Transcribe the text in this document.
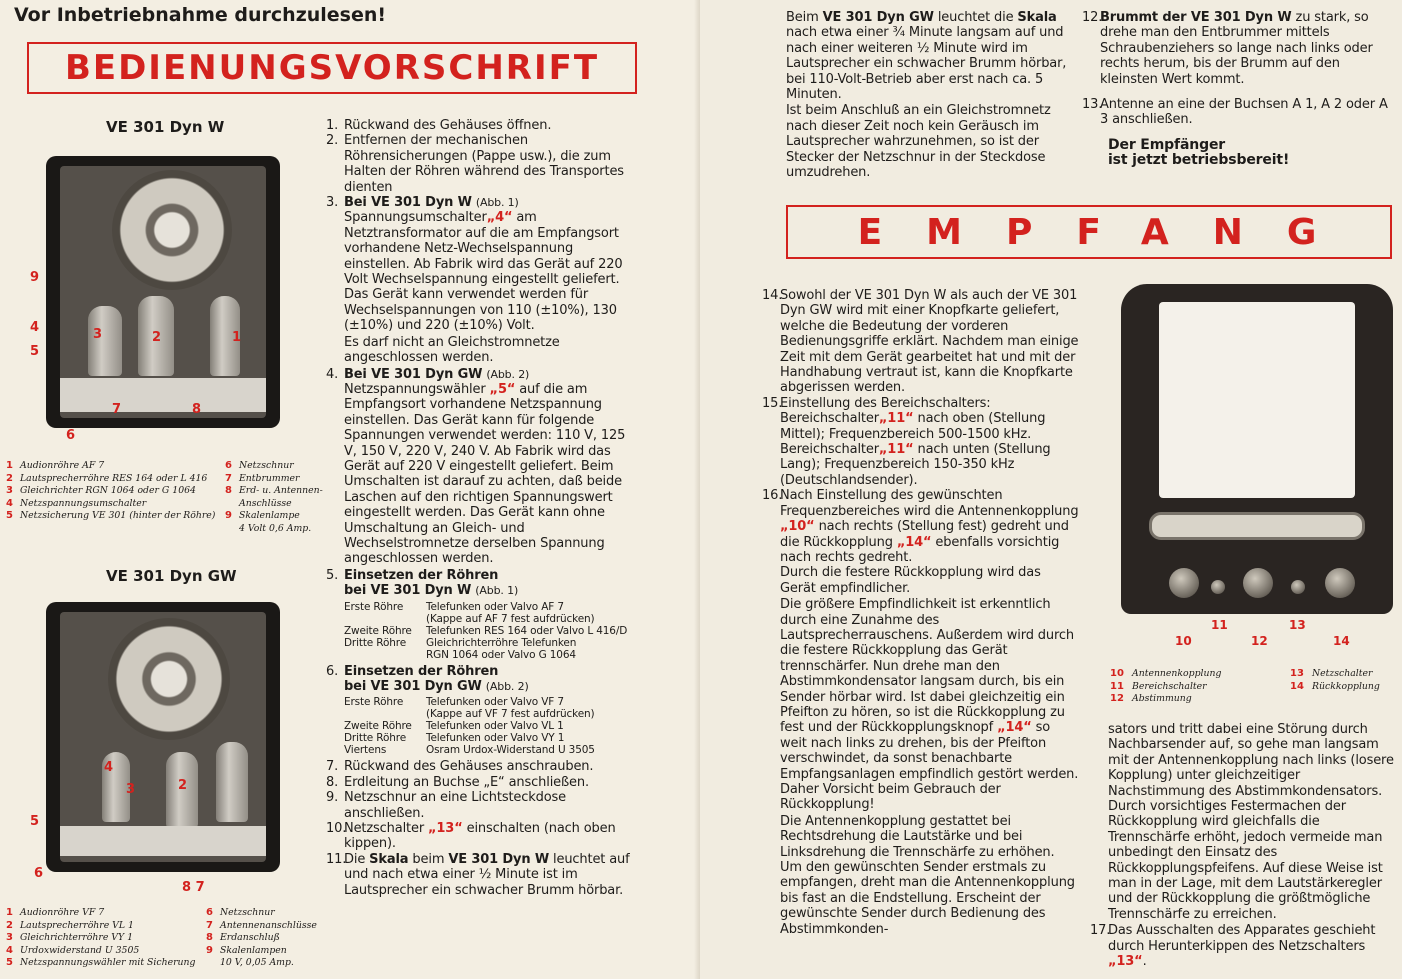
Vor Inbetriebnahme durchzulesen!
BEDIENUNGSVORSCHRIFT
VE 301 Dyn W
9
4
5
3	2	1
7	8
6
1 Audionröhre AF 7
2 Lautsprecherröhre RES 164 oder L 416
3 Gleichrichter RGN 1064 oder G 1064
4 Netzspannungsumschalter
5 Netzsicherung VE 301 (hinter der Röhre)
6 Netzschnur
7 Entbrummer
8 Erd- u. Antennen-
Anschlüsse
9 Skalenlampe
4 Volt 0,6 Amp.
VE 301 Dyn GW
4
3	2
5
6
8 7
1 Audionröhre VF 7
2 Lautsprecherröhre VL 1
3 Gleichrichterröhre VY 1
4 Urdoxwiderstand U 3505
5 Netzspannungswähler mit Sicherung
6 Netzschnur
7 Antennenanschlüsse
8 Erdanschluß
9 Skalenlampen
10 V, 0,05 Amp.
1. Rückwand des Gehäuses öffnen.
2. Entfernen der mechanischen Röhrensicherungen (Pappe usw.), die zum Halten der Röhren während des Transportes dienten
3. Bei VE 301 Dyn W (Abb. 1)

Spannungsumschalter„4“ am Netztransformator auf die am Empfangsort vorhandene Netz-Wechselspannung einstellen. Ab Fabrik wird das Gerät auf 220 Volt Wechselspannung eingestellt geliefert. Das Gerät kann verwendet werden für Wechselspannungen von 110 (±10%), 130 (±10%) und 220 (±10%) Volt.

Es darf nicht an Gleichstromnetze angeschlossen werden.

4. Bei VE 301 Dyn GW (Abb. 2)

Netzspannungswähler „5“ auf die am Empfangsort vorhandene Netzspannung einstellen. Das Gerät kann für folgende Spannungen verwendet werden: 110 V, 125 V, 150 V, 220 V, 240 V. Ab Fabrik wird das Gerät auf 220 V eingestellt geliefert. Beim Umschalten ist darauf zu achten, daß beide Laschen auf den richtigen Spannungswert eingestellt werden. Das Gerät kann ohne Umschaltung an Gleich- und Wechselstromnetze derselben Spannung angeschlossen werden.

5. Einsetzen der Röhren
bei VE 301 Dyn W (Abb. 1)
Erste Röhre	Telefunken oder Valvo AF 7
(Kappe auf AF 7 fest aufdrücken)
Zweite Röhre	Telefunken RES 164 oder Valvo L 416/D
Dritte Röhre	Gleichrichterröhre Telefunken
RGN 1064 oder Valvo G 1064
6. Einsetzen der Röhren
bei VE 301 Dyn GW (Abb. 2)
Erste Röhre	Telefunken oder Valvo VF 7
(Kappe auf VF 7 fest aufdrücken)
Zweite Röhre	Telefunken oder Valvo VL 1
Dritte Röhre	Telefunken oder Valvo VY 1
Viertens	Osram Urdox-Widerstand U 3505
7. Rückwand des Gehäuses anschrauben.
8. Erdleitung an Buchse „E“ anschließen.
9. Netzschnur an eine Lichtsteckdose anschließen.
10.
Netzschalter „13“ einschalten (nach oben kippen).
11.
Die Skala beim VE 301 Dyn W leuchtet auf und nach etwa einer ½ Minute ist im Lautsprecher ein schwacher Brumm hörbar.

Beim VE 301 Dyn GW leuchtet die Skala nach etwa einer ¾ Minute langsam auf und nach einer weiteren ½ Minute wird im Lautsprecher ein schwacher Brumm hörbar, bei 110-Volt-Betrieb aber erst nach ca. 5 Minuten.

Ist beim Anschluß an ein Gleichstromnetz nach dieser Zeit noch kein Geräusch im Lautsprecher wahrzunehmen, so ist der Stecker der Netzschnur in der Steckdose umzudrehen.

12.
Brummt der VE 301 Dyn W zu stark, so drehe man den Entbrummer mittels Schraubenziehers so lange nach links oder rechts herum, bis der Brumm auf den kleinsten Wert kommt.
13.
Antenne an eine der Buchsen A 1, A 2 oder A 3 anschließen.

Der Empfänger
ist jetzt betriebsbereit!

EMPFANG
14.
Sowohl der VE 301 Dyn W als auch der VE 301 Dyn GW wird mit einer Knopfkarte geliefert, welche die Bedeutung der vorderen Bedienungsgriffe erklärt. Nachdem man einige Zeit mit dem Gerät gearbeitet hat und mit der Handhabung vertraut ist, kann die Knopfkarte abgerissen werden.
15.
Einstellung des Bereichschalters:
Bereichschalter„11“ nach oben (Stellung Mittel); Frequenzbereich 500-1500 kHz.
Bereichschalter„11“ nach unten (Stellung Lang); Frequenzbereich 150-350 kHz (Deutschlandsender).
16.
Nach Einstellung des gewünschten Frequenzbereiches wird die Antennenkopplung „10“ nach rechts (Stellung fest) gedreht und die Rückkopplung „14“ ebenfalls vorsichtig nach rechts gedreht.

Durch die festere Rückkopplung wird das Gerät empfindlicher.

Die größere Empfindlichkeit ist erkenntlich durch eine Zunahme des Lautsprecherrauschens. Außerdem wird durch die festere Rückkopplung das Gerät trennschärfer. Nun drehe man den Abstimmkondensator langsam durch, bis ein Sender hörbar wird. Ist dabei gleichzeitig ein Pfeifton zu hören, so ist die Rückkopplung zu fest und der Rückkopplungsknopf „14“ so weit nach links zu drehen, bis der Pfeifton verschwindet, da sonst benachbarte Empfangsanlagen empfindlich gestört werden. Daher Vorsicht beim Gebrauch der Rückkopplung!

Die Antennenkopplung gestattet bei Rechtsdrehung die Lautstärke und bei Linksdrehung die Trennschärfe zu erhöhen. Um den gewünschten Sender erstmals zu empfangen, dreht man die Antennenkopplung bis fast an die Endstellung. Erscheint der gewünschte Sender durch Bedienung des Abstimmkonden-

10
11
12
13
14
10 Antennenkopplung
11 Bereichschalter
12 Abstimmung
13 Netzschalter
14 Rückkopplung

sators und tritt dabei eine Störung durch Nachbarsender auf, so gehe man langsam mit der Antennenkopplung nach links (losere Kopplung) unter gleichzeitiger Nachstimmung des Abstimmkondensators. Durch vorsichtiges Festermachen der Rückkopplung wird gleichfalls die Trennschärfe erhöht, jedoch vermeide man unbedingt den Einsatz des Rückkopplungspfeifens. Auf diese Weise ist man in der Lage, mit dem Lautstärkeregler und der Rückkopplung die größtmögliche Trennschärfe zu erreichen.

17.
Das Ausschalten des Apparates geschieht durch Herunterkippen des Netzschalters „13“.
